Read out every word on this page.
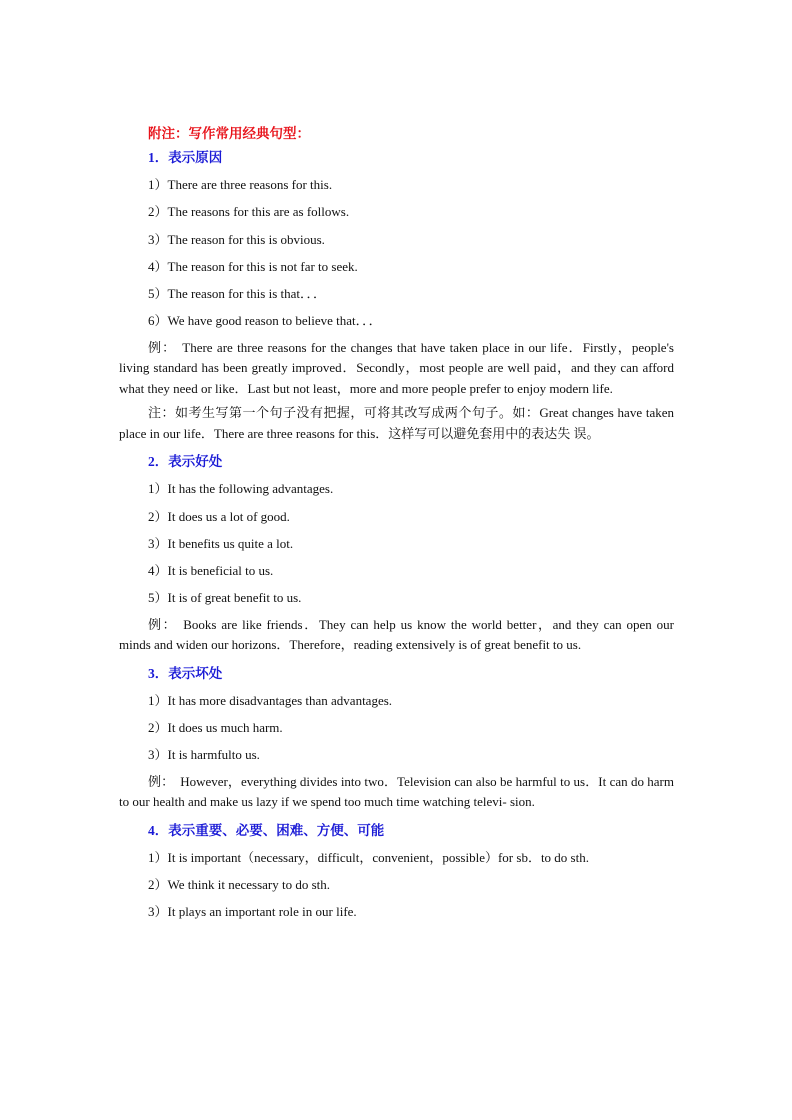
附注：写作常用经典句型：
1．表示原因
1）There are three reasons for this.
2）The reasons for this are as follows.
3）The reason for this is obvious.
4）The reason for this is not far to seek.
5）The reason for this is that．．．
6）We have good reason to believe that．．．
例： There are three reasons for the changes that have taken place in our life．Firstly，people's living standard has been greatly improved．Secondly，most people are well paid，and they can afford what they need or like．Last but not least，more and more people prefer to enjoy modern life.
注：如考生写第一个句子没有把握，可将其改写成两个句子。如：Great changes have taken place in our life．There are three reasons for this．这样写可以避免套用中的表达失 误。
2．表示好处
1）It has the following advantages.
2）It does us a lot of good.
3）It benefits us quite a lot.
4）It is beneficial to us.
5）It is of great benefit to us.
例： Books are like friends．They can help us know the world better，and they can open our minds and widen our horizons．Therefore，reading extensively is of great benefit to us.
3．表示坏处
1）It has more disadvantages than advantages.
2）It does us much harm.
3）It is harmfulto us.
例： However，everything divides into two．Television can also be harmful to us．It can do harm to our health and make us lazy if we spend too much time watching televi- sion.
4．表示重要、必要、困难、方便、可能
1）It is important（necessary，difficult，convenient，possible）for sb．to do sth.
2）We think it necessary to do sth.
3）It plays an important role in our life.
